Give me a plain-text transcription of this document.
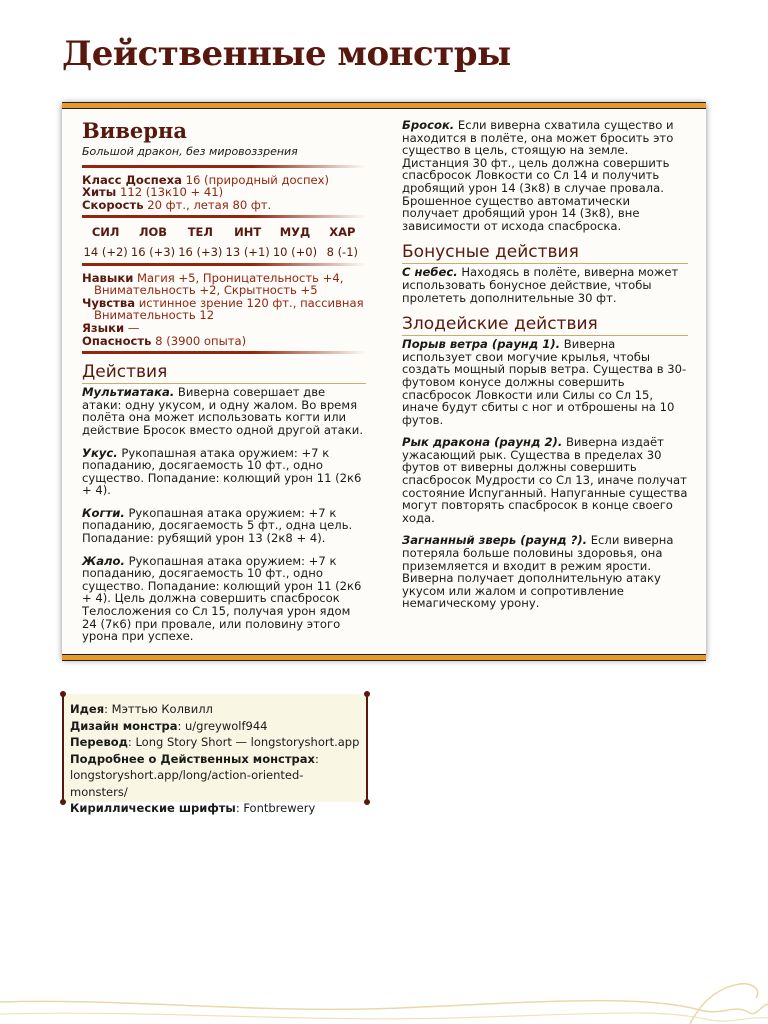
Действенные монстры
Виверна
Большой дракон, без мировоззрения

Класс Доспеха 16 (природный доспех)

Хиты 112 (13к10 + 41)

Скорость 20 фт., летая 80 фт.

СИЛ
14 (+2)
ЛОВ
16 (+3)
ТЕЛ
16 (+3)
ИНТ
13 (+1)
МУД
10 (+0)
ХАР
8 (-1)

Навыки Магия +5, Проницательность +4, Внимательность +2, Скрытность +5

Чувства истинное зрение 120 фт., пассивная Внимательность 12

Языки —

Опасность 8 (3900 опыта)

Действия

Мультиатака. Виверна совершает две атаки: одну укусом, и одну жалом. Во время полёта она может использовать когти или действие Бросок вместо одной другой атаки.

Укус. Рукопашная атака оружием: +7 к попаданию, досягаемость 10 фт., одно существо. Попадание: колющий урон 11 (2к6 + 4).

Когти. Рукопашная атака оружием: +7 к попаданию, досягаемость 5 фт., одна цель. Попадание: рубящий урон 13 (2к8 + 4).

Жало. Рукопашная атака оружием: +7 к попаданию, досягаемость 10 фт., одно существо. Попадание: колющий урон 11 (2к6 + 4). Цель должна совершить спасбросок Телосложения со Сл 15, получая урон ядом 24 (7к6) при провале, или половину этого урона при успехе.

Бросок. Если виверна схватила существо и находится в полёте, она может бросить это существо в цель, стоящую на земле. Дистанция 30 фт., цель должна совершить спасбросок Ловкости со Сл 14 и получить дробящий урон 14 (3к8) в случае провала. Брошенное существо автоматически получает дробящий урон 14 (3к8), вне зависимости от исхода спасброска.

Бонусные действия

С небес. Находясь в полёте, виверна может использовать бонусное действие, чтобы пролететь дополнительные 30 фт.

Злодейские действия

Порыв ветра (раунд 1). Виверна использует свои могучие крылья, чтобы создать мощный порыв ветра. Существа в 30-футовом конусе должны совершить спасбросок Ловкости или Силы со Сл 15, иначе будут сбиты с ног и отброшены на 10 футов.

Рык дракона (раунд 2). Виверна издаёт ужасающий рык. Существа в пределах 30 футов от виверны должны совершить спасбросок Мудрости со Сл 13, иначе получат состояние Испуганный. Напуганные существа могут повторять спасбросок в конце своего хода.

Загнанный зверь (раунд ?). Если виверна потеряла больше половины здоровья, она приземляется и входит в режим ярости. Виверна получает дополнительную атаку укусом или жалом и сопротивление немагическому урону.

Идея: Мэттью Колвилл

Дизайн монстра: u/greywolf944

Перевод: Long Story Short — longstoryshort.app

Подробнее о Действенных монстрах:

longstoryshort.app/long/action-oriented-monsters/

Кириллические шрифты: Fontbrewery
